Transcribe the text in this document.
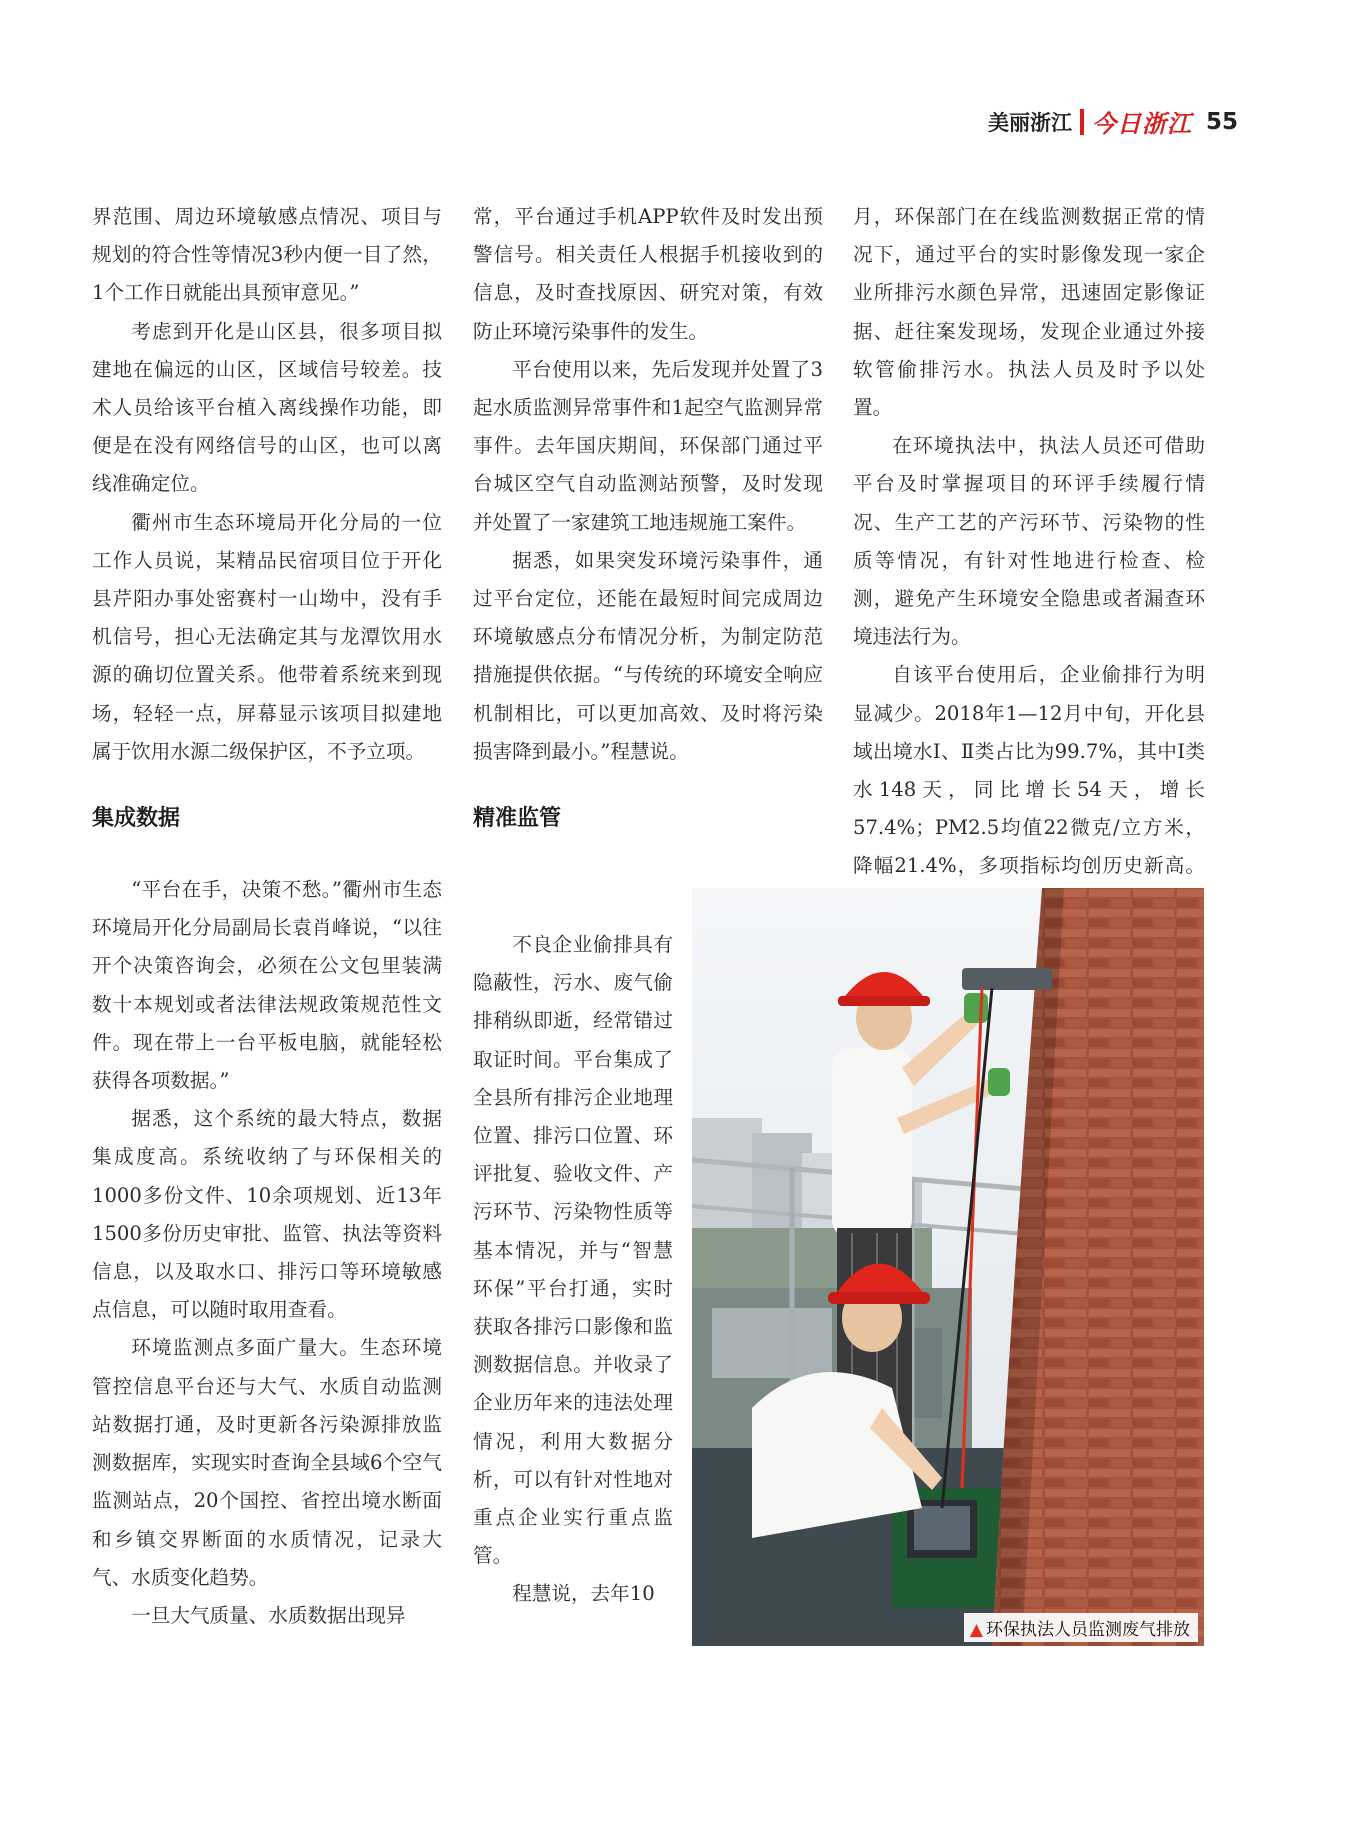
美丽浙江 今日浙江 55

界范围、周边环境敏感点情况、项目与规划的符合性等情况3秒内便一目了然，1个工作日就能出具预审意见。”

考虑到开化是山区县，很多项目拟建地在偏远的山区，区域信号较差。技术人员给该平台植入离线操作功能，即便是在没有网络信号的山区，也可以离线准确定位。

衢州市生态环境局开化分局的一位工作人员说，某精品民宿项目位于开化县芹阳办事处密赛村一山坳中，没有手机信号，担心无法确定其与龙潭饮用水源的确切位置关系。他带着系统来到现场，轻轻一点，屏幕显示该项目拟建地属于饮用水源二级保护区，不予立项。

集成数据

“平台在手，决策不愁。”衢州市生态环境局开化分局副局长袁肖峰说，“以往开个决策咨询会，必须在公文包里装满数十本规划或者法律法规政策规范性文件。现在带上一台平板电脑，就能轻松获得各项数据。”

据悉，这个系统的最大特点，数据集成度高。系统收纳了与环保相关的1000多份文件、10余项规划、近13年1500多份历史审批、监管、执法等资料信息，以及取水口、排污口等环境敏感点信息，可以随时取用查看。

环境监测点多面广量大。生态环境管控信息平台还与大气、水质自动监测站数据打通，及时更新各污染源排放监测数据库，实现实时查询全县域6个空气监测站点，20个国控、省控出境水断面和乡镇交界断面的水质情况，记录大气、水质变化趋势。

一旦大气质量、水质数据出现异

常，平台通过手机APP软件及时发出预警信号。相关责任人根据手机接收到的信息，及时查找原因、研究对策，有效防止环境污染事件的发生。

平台使用以来，先后发现并处置了3起水质监测异常事件和1起空气监测异常事件。去年国庆期间，环保部门通过平台城区空气自动监测站预警，及时发现并处置了一家建筑工地违规施工案件。

据悉，如果突发环境污染事件，通过平台定位，还能在最短时间完成周边环境敏感点分布情况分析，为制定防范措施提供依据。“与传统的环境安全响应机制相比，可以更加高效、及时将污染损害降到最小。”程慧说。

精准监管

不良企业偷排具有隐蔽性，污水、废气偷排稍纵即逝，经常错过取证时间。平台集成了全县所有排污企业地理位置、排污口位置、环评批复、验收文件、产污环节、污染物性质等基本情况，并与“智慧环保”平台打通，实时获取各排污口影像和监测数据信息。并收录了企业历年来的违法处理情况，利用大数据分析，可以有针对性地对重点企业实行重点监管。

程慧说，去年10

月，环保部门在在线监测数据正常的情况下，通过平台的实时影像发现一家企业所排污水颜色异常，迅速固定影像证据、赶往案发现场，发现企业通过外接软管偷排污水。执法人员及时予以处置。

在环境执法中，执法人员还可借助平台及时掌握项目的环评手续履行情况、生产工艺的产污环节、污染物的性质等情况，有针对性地进行检查、检测，避免产生环境安全隐患或者漏查环境违法行为。

自该平台使用后，企业偷排行为明显减少。2018年1—12月中旬，开化县域出境水Ⅰ、Ⅱ类占比为99.7%，其中Ⅰ类水148天，同比增长54天，增长57.4%；PM2.5均值22微克/立方米，降幅21.4%，多项指标均创历史新高。

▲ 环保执法人员监测废气排放
